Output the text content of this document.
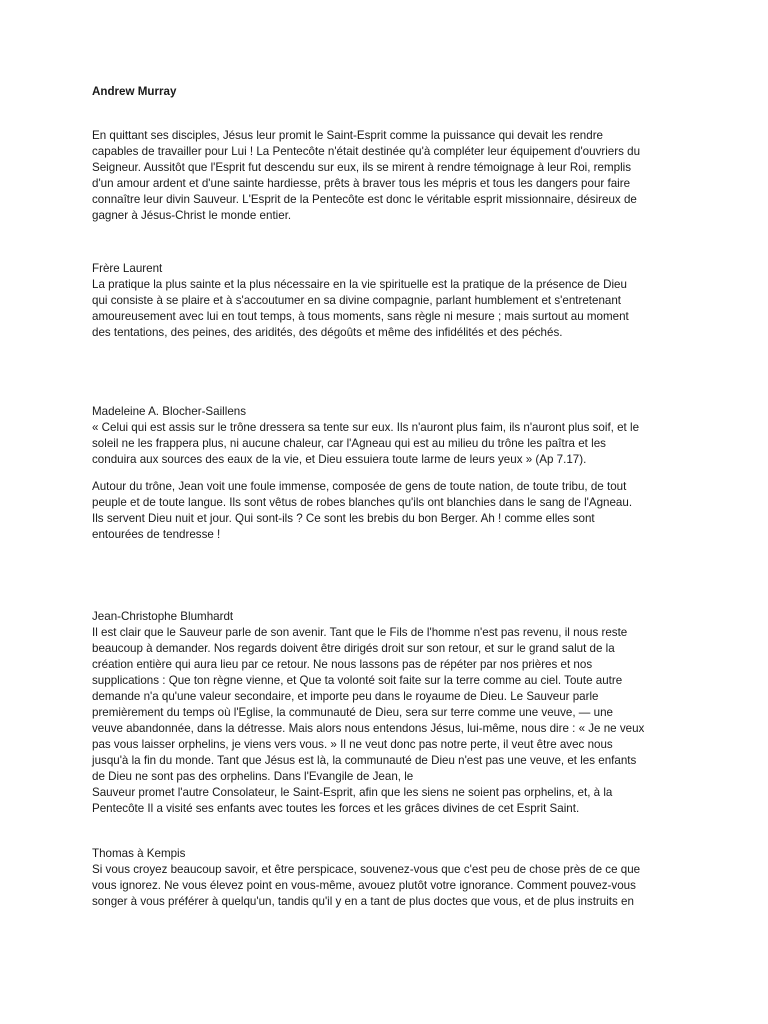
Andrew Murray
En quittant ses disciples, Jésus leur promit le Saint-Esprit comme la puissance qui devait les rendre
capables de travailler pour Lui ! La Pentecôte n'était destinée qu'à compléter leur équipement d'ouvriers du
Seigneur. Aussitôt que l'Esprit fut descendu sur eux, ils se mirent à rendre témoignage à leur Roi, remplis
d'un amour ardent et d'une sainte hardiesse, prêts à braver tous les mépris et tous les dangers pour faire
connaître leur divin Sauveur. L'Esprit de la Pentecôte est donc le véritable esprit missionnaire, désireux de
gagner à Jésus-Christ le monde entier.
Frère Laurent
La pratique la plus sainte et la plus nécessaire en la vie spirituelle est la pratique de la présence de Dieu
qui consiste à se plaire et à s'accoutumer en sa divine compagnie, parlant humblement et s'entretenant
amoureusement avec lui en tout temps, à tous moments, sans règle ni mesure ; mais surtout au moment
des tentations, des peines, des aridités, des dégoûts et même des infidélités et des péchés.
Madeleine A. Blocher-Saillens
« Celui qui est assis sur le trône dressera sa tente sur eux. Ils n'auront plus faim, ils n'auront plus soif, et le
soleil ne les frappera plus, ni aucune chaleur, car l'Agneau qui est au milieu du trône les paîtra et les
conduira aux sources des eaux de la vie, et Dieu essuiera toute larme de leurs yeux » (Ap 7.17).
Autour du trône, Jean voit une foule immense, composée de gens de toute nation, de toute tribu, de tout
peuple et de toute langue. Ils sont vêtus de robes blanches qu'ils ont blanchies dans le sang de l'Agneau.
Ils servent Dieu nuit et jour. Qui sont-ils ? Ce sont les brebis du bon Berger. Ah ! comme elles sont
entourées de tendresse !
Jean-Christophe Blumhardt
Il est clair que le Sauveur parle de son avenir. Tant que le Fils de l'homme n'est pas revenu, il nous reste
beaucoup à demander. Nos regards doivent être dirigés droit sur son retour, et sur le grand salut de la
création entière qui aura lieu par ce retour. Ne nous lassons pas de répéter par nos prières et nos
supplications : Que ton règne vienne, et Que ta volonté soit faite sur la terre comme au ciel. Toute autre
demande n'a qu'une valeur secondaire, et importe peu dans le royaume de Dieu. Le Sauveur parle
premièrement du temps où l'Eglise, la communauté de Dieu, sera sur terre comme une veuve, — une
veuve abandonnée, dans la détresse. Mais alors nous entendons Jésus, lui-même, nous dire : « Je ne veux
pas vous laisser orphelins, je viens vers vous. » Il ne veut donc pas notre perte, il veut être avec nous
jusqu'à la fin du monde. Tant que Jésus est là, la communauté de Dieu n'est pas une veuve, et les enfants
de Dieu ne sont pas des orphelins. Dans l'Evangile de Jean, le
Sauveur promet l'autre Consolateur, le Saint-Esprit, afin que les siens ne soient pas orphelins, et, à la
Pentecôte Il a visité ses enfants avec toutes les forces et les grâces divines de cet Esprit Saint.
Thomas à Kempis
Si vous croyez beaucoup savoir, et être perspicace, souvenez-vous que c'est peu de chose près de ce que
vous ignorez. Ne vous élevez point en vous-même, avouez plutôt votre ignorance. Comment pouvez-vous
songer à vous préférer à quelqu'un, tandis qu'il y en a tant de plus doctes que vous, et de plus instruits en
